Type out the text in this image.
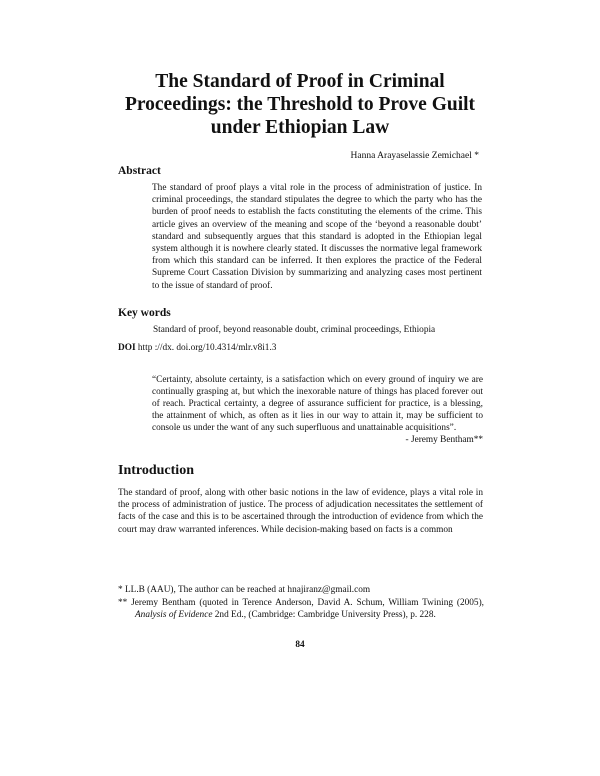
The Standard of Proof in Criminal
Proceedings: the Threshold to Prove Guilt
under Ethiopian Law
Hanna Arayaselassie Zemichael *
Abstract

The standard of proof plays a vital role in the process of administration of justice. In criminal proceedings, the standard stipulates the degree to which the party who has the burden of proof needs to establish the facts constituting the elements of the crime. This article gives an overview of the meaning and scope of the ‘beyond a reasonable doubt’ standard and subsequently argues that this standard is adopted in the Ethiopian legal system although it is nowhere clearly stated. It discusses the normative legal framework from which this standard can be inferred. It then explores the practice of the Federal Supreme Court Cassation Division by summarizing and analyzing cases most pertinent to the issue of standard of proof.

Key words
Standard of proof, beyond reasonable doubt, criminal proceedings, Ethiopia
DOI http ://dx. doi.org/10.4314/mlr.v8i1.3

“Certainty, absolute certainty, is a satisfaction which on every ground of inquiry we are continually grasping at, but which the inexorable nature of things has placed forever out of reach. Practical certainty, a degree of assurance sufficient for practice, is a blessing, the attainment of which, as often as it lies in our way to attain it, may be sufficient to console us under the want of any such superfluous and unattainable acquisitions”.
- Jeremy Bentham**

Introduction

The standard of proof, along with other basic notions in the law of evidence, plays a vital role in the process of administration of justice. The process of adjudication necessitates the settlement of facts of the case and this is to be ascertained through the introduction of evidence from which the court may draw warranted inferences. While decision-making based on facts is a common

* LL.B (AAU), The author can be reached at hnajiranz@gmail.com

** Jeremy Bentham (quoted in Terence Anderson, David A. Schum, William Twining (2005), Analysis of Evidence 2nd Ed., (Cambridge: Cambridge University Press), p. 228.

84
